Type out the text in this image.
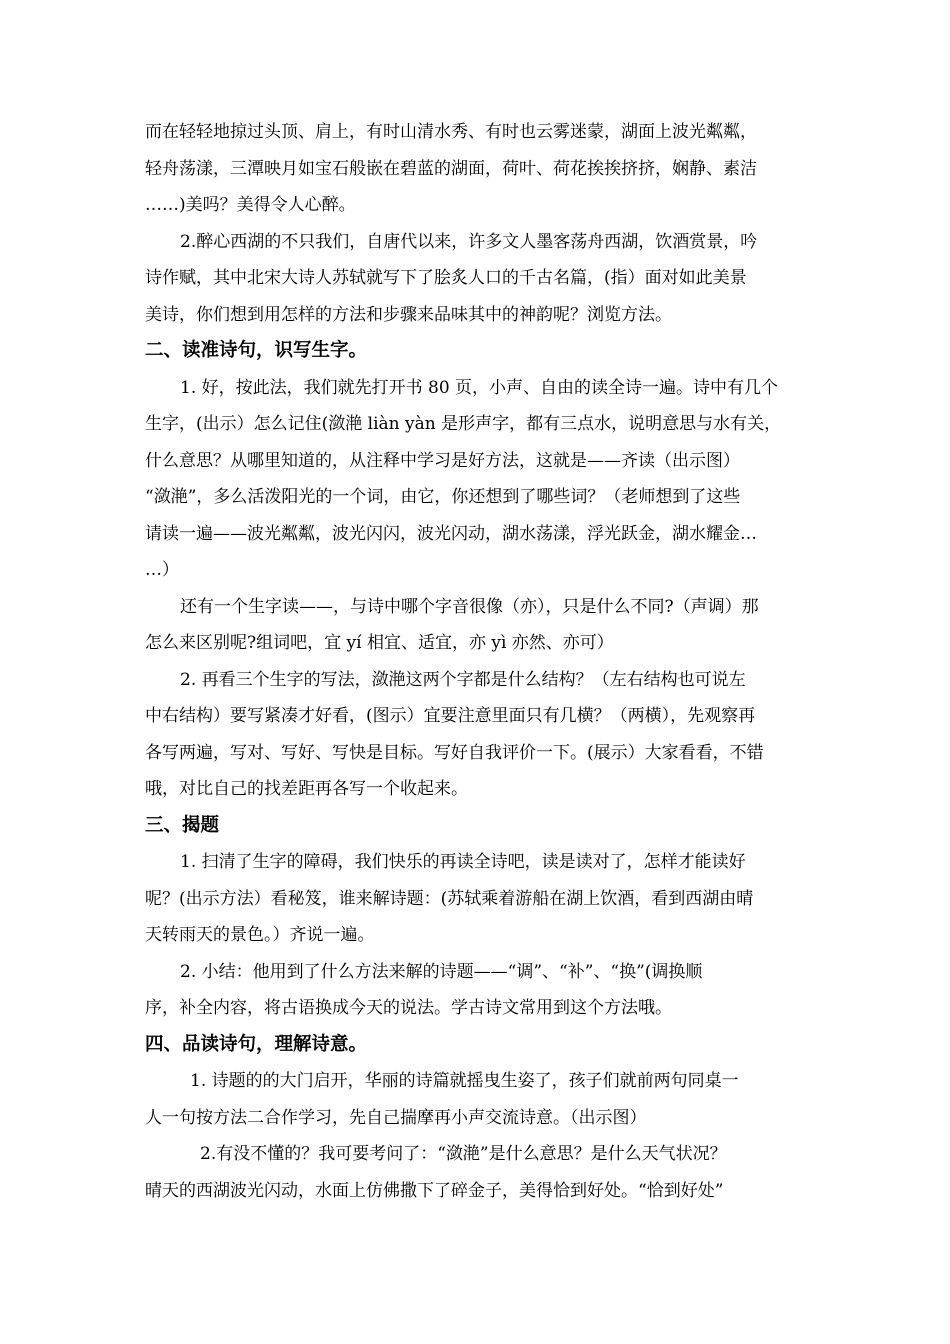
而在轻轻地掠过头顶、肩上，有时山清水秀、有时也云雾迷蒙，湖面上波光粼粼，
轻舟荡漾，三潭映月如宝石般嵌在碧蓝的湖面，荷叶、荷花挨挨挤挤，娴静、素洁
……)美吗？美得令人心醉。
2.醉心西湖的不只我们，自唐代以来，许多文人墨客荡舟西湖，饮酒赏景，吟
诗作赋，其中北宋大诗人苏轼就写下了脍炙人口的千古名篇，(指）面对如此美景
美诗，你们想到用怎样的方法和步骤来品味其中的神韵呢？浏览方法。
二、读准诗句，识写生字。
1. 好，按此法，我们就先打开书 80 页，小声、自由的读全诗一遍。诗中有几个
生字，(出示）怎么记住(潋滟 liàn yàn 是形声字，都有三点水，说明意思与水有关，
什么意思？从哪里知道的，从注释中学习是好方法，这就是——齐读（出示图）
“潋滟”，多么活泼阳光的一个词，由它，你还想到了哪些词？（老师想到了这些
请读一遍——波光粼粼，波光闪闪，波光闪动，湖水荡漾，浮光跃金，湖水耀金…
…）
还有一个生字读——，与诗中哪个字音很像（亦），只是什么不同?（声调）那
怎么来区别呢?组词吧，宜 yí 相宜、适宜，亦 yì 亦然、亦可）
2. 再看三个生字的写法，潋滟这两个字都是什么结构？（左右结构也可说左
中右结构）要写紧凑才好看，(图示）宜要注意里面只有几横？（两横），先观察再
各写两遍，写对、写好、写快是目标。写好自我评价一下。(展示）大家看看，不错
哦，对比自己的找差距再各写一个收起来。
三、揭题
1. 扫清了生字的障碍，我们快乐的再读全诗吧，读是读对了，怎样才能读好
呢？(出示方法）看秘笈，谁来解诗题：(苏轼乘着游船在湖上饮酒，看到西湖由晴
天转雨天的景色。）齐说一遍。
2. 小结：他用到了什么方法来解的诗题——“调”、“补”、“换”(调换顺
序，补全内容，将古语换成今天的说法。学古诗文常用到这个方法哦。
四、品读诗句，理解诗意。
1. 诗题的的大门启开，华丽的诗篇就摇曳生姿了，孩子们就前两句同桌一
人一句按方法二合作学习，先自己揣摩再小声交流诗意。（出示图）
2.有没不懂的？我可要考问了：“潋滟”是什么意思？是什么天气状况？
晴天的西湖波光闪动，水面上仿佛撒下了碎金子，美得恰到好处。“恰到好处”
